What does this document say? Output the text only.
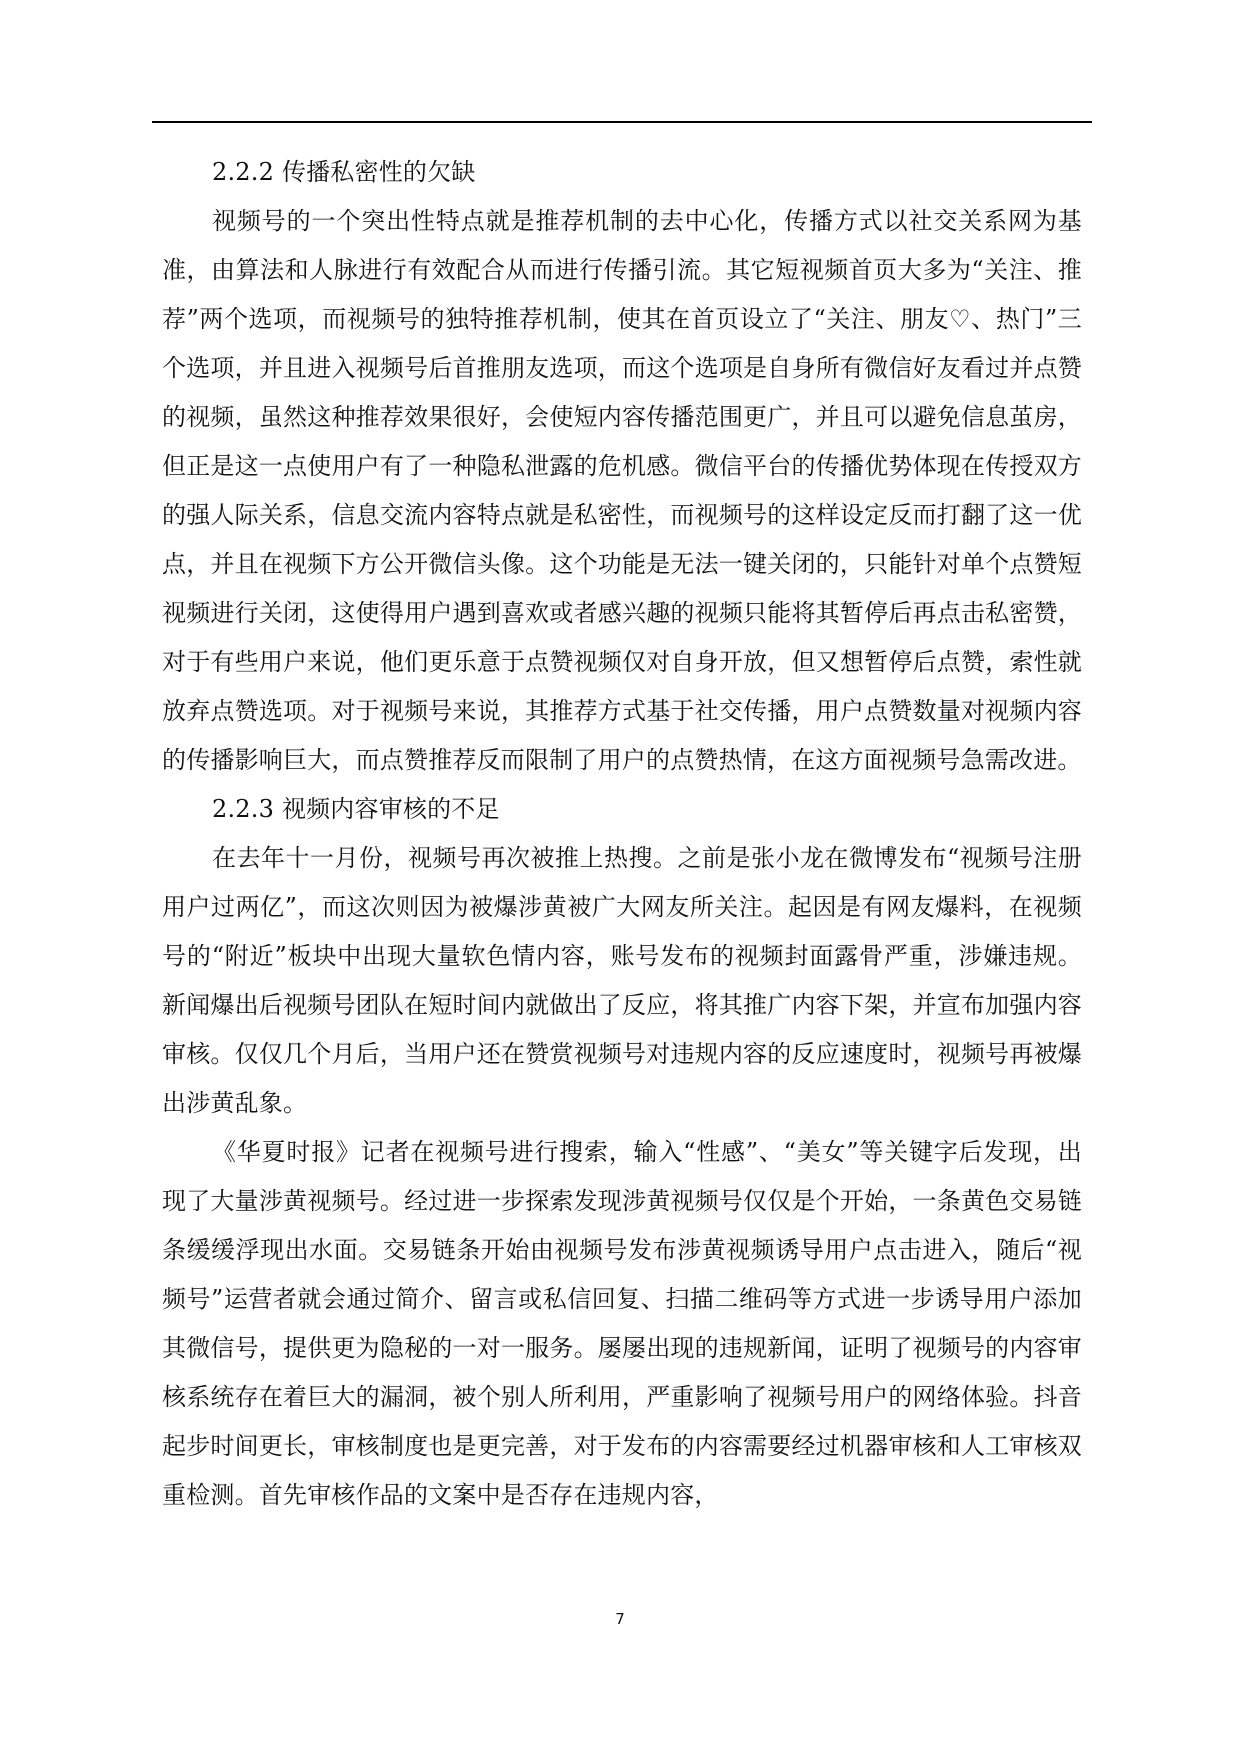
2.2.2 传播私密性的欠缺

视频号的一个突出性特点就是推荐机制的去中心化，传播方式以社交关系网为基准，由算法和人脉进行有效配合从而进行传播引流。其它短视频首页大多为“关注、推荐”两个选项，而视频号的独特推荐机制，使其在首页设立了“关注、朋友♡、热门”三个选项，并且进入视频号后首推朋友选项，而这个选项是自身所有微信好友看过并点赞的视频，虽然这种推荐效果很好，会使短内容传播范围更广，并且可以避免信息茧房，但正是这一点使用户有了一种隐私泄露的危机感。微信平台的传播优势体现在传授双方的强人际关系，信息交流内容特点就是私密性，而视频号的这样设定反而打翻了这一优点，并且在视频下方公开微信头像。这个功能是无法一键关闭的，只能针对单个点赞短视频进行关闭，这使得用户遇到喜欢或者感兴趣的视频只能将其暂停后再点击私密赞，对于有些用户来说，他们更乐意于点赞视频仅对自身开放，但又想暂停后点赞，索性就放弃点赞选项。对于视频号来说，其推荐方式基于社交传播，用户点赞数量对视频内容的传播影响巨大，而点赞推荐反而限制了用户的点赞热情，在这方面视频号急需改进。

2.2.3 视频内容审核的不足

在去年十一月份，视频号再次被推上热搜。之前是张小龙在微博发布“视频号注册用户过两亿”，而这次则因为被爆涉黄被广大网友所关注。起因是有网友爆料，在视频号的“附近”板块中出现大量软色情内容，账号发布的视频封面露骨严重，涉嫌违规。新闻爆出后视频号团队在短时间内就做出了反应，将其推广内容下架，并宣布加强内容审核。仅仅几个月后，当用户还在赞赏视频号对违规内容的反应速度时，视频号再被爆出涉黄乱象。

《华夏时报》记者在视频号进行搜索，输入“性感”、“美女”等关键字后发现，出现了大量涉黄视频号。经过进一步探索发现涉黄视频号仅仅是个开始，一条黄色交易链条缓缓浮现出水面。交易链条开始由视频号发布涉黄视频诱导用户点击进入，随后“视频号”运营者就会通过简介、留言或私信回复、扫描二维码等方式进一步诱导用户添加其微信号，提供更为隐秘的一对一服务。屡屡出现的违规新闻，证明了视频号的内容审核系统存在着巨大的漏洞，被个别人所利用，严重影响了视频号用户的网络体验。抖音起步时间更长，审核制度也是更完善，对于发布的内容需要经过机器审核和人工审核双重检测。首先审核作品的文案中是否存在违规内容，

7
